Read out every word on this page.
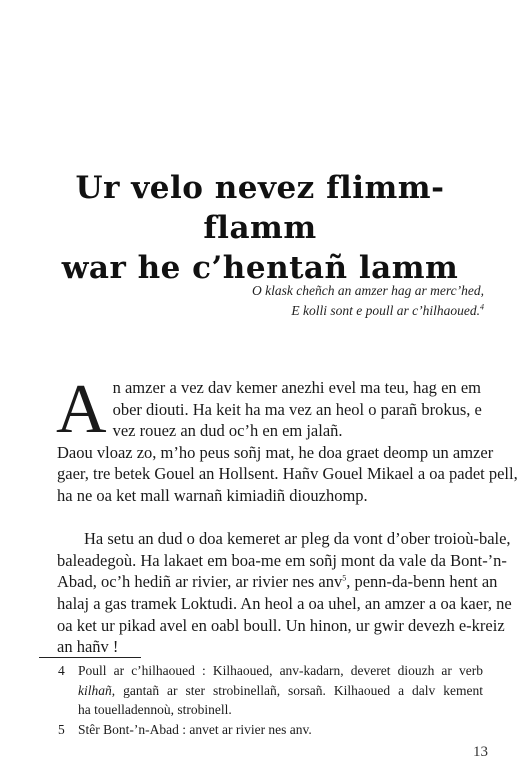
Ur velo nevez flimm-flamm
war he c’hentañ lamm
O klask cheñch an amzer hag ar merc’hed,
E kolli sont e poull ar c’hilhaoued.$^4$
A n amzer a vez dav kemer anezhi evel ma teu, hag en em
ober diouti. Ha keit ha ma vez an heol o parañ brokus, e
vez rouez an dud oc’h en em jalañ.
Daou vloaz zo, m’ho peus soñj mat, he doa graet deomp un amzer
gaer, tre betek Gouel an Hollsent. Hañv Gouel Mikael a oa padet pell,
ha ne oa ket mall warnañ kimiadiñ diouzhomp.
Ha setu an dud o doa kemeret ar pleg da vont d’ober troioù-bale,
baleadegoù. Ha lakaet em boa-me em soñj mont da vale da Bont-’n-
Abad, oc’h hediñ ar rivier, ar rivier nes anv$^5$, penn-da-benn hent an
halaj a gas tramek Loktudi. An heol a oa uhel, an amzer a oa kaer, ne
oa ket ur pikad avel en oabl boull. Un hinon, ur gwir devezh e-kreiz
an hañv !
4 Poull ar c’hilhaoued : Kilhaoued, anv-kadarn, deveret diouzh ar verb
kilhañ, gantañ ar ster strobinellañ, sorsañ. Kilhaoued a dalv kement
ha touelladennoù, strobinell.
5 Stêr Bont-’n-Abad : anvet ar rivier nes anv.
13
